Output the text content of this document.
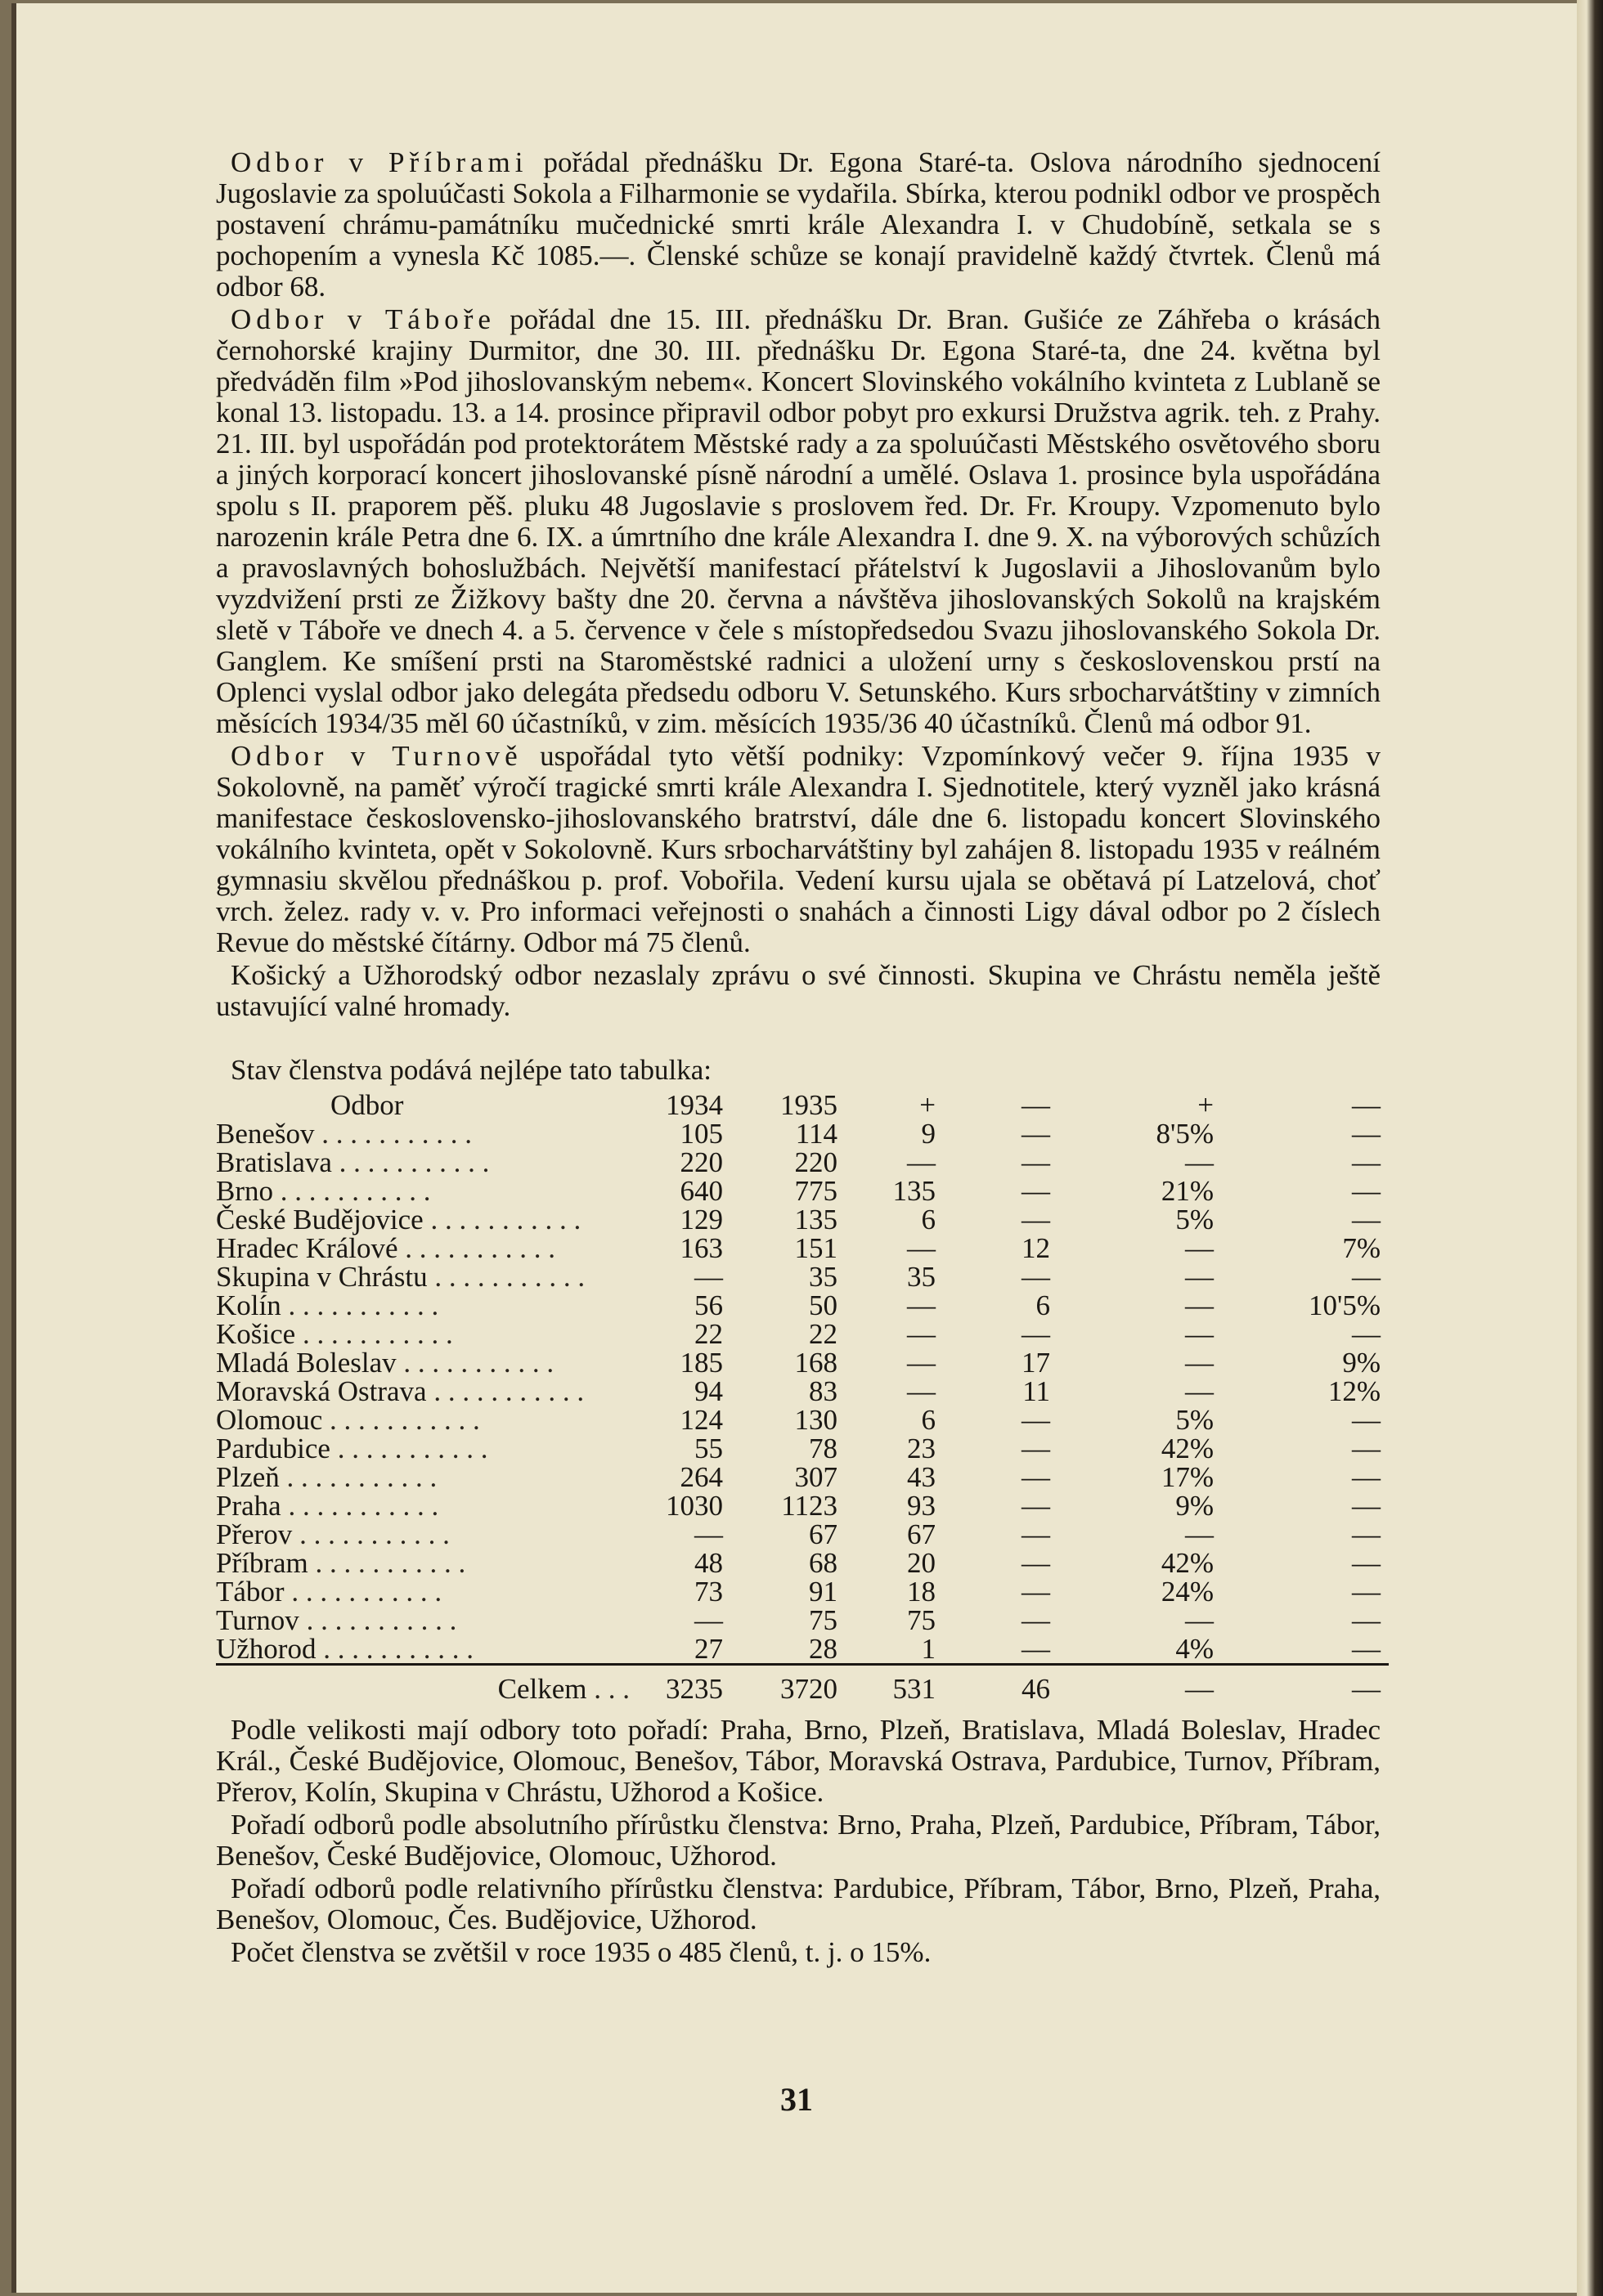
Odbor v Příbrami pořádal přednášku Dr. Egona Staré-ta. Oslova národního sjednocení Jugoslavie za spoluúčasti Sokola a Filharmonie se vydařila. Sbírka, kterou podnikl odbor ve prospěch postavení chrámu-památníku mučednické smrti krále Alexandra I. v Chudobíně, setkala se s pochopením a vynesla Kč 1085.—. Členské schůze se konají pravidelně každý čtvrtek. Členů má odbor 68.

Odbor v Táboře pořádal dne 15. III. přednášku Dr. Bran. Gušiće ze Záhřeba o krásách černohorské krajiny Durmitor, dne 30. III. přednášku Dr. Egona Staré-ta, dne 24. května byl předváděn film »Pod jihoslovanským nebem«. Koncert Slovinského vokálního kvinteta z Lublaně se konal 13. listopadu. 13. a 14. prosince připravil odbor pobyt pro exkursi Družstva agrik. teh. z Prahy. 21. III. byl uspořádán pod protektorátem Městské rady a za spoluúčasti Městského osvětového sboru a jiných korporací koncert jihoslovanské písně národní a umělé. Oslava 1. prosince byla uspořádána spolu s II. praporem pěš. pluku 48 Jugoslavie s proslovem řed. Dr. Fr. Kroupy. Vzpomenuto bylo narozenin krále Petra dne 6. IX. a úmrtního dne krále Alexandra I. dne 9. X. na výborových schůzích a pravoslavných bohoslužbách. Největší manifestací přátelství k Jugoslavii a Jihoslovanům bylo vyzdvižení prsti ze Žižkovy bašty dne 20. června a návštěva jihoslovanských Sokolů na krajském sletě v Táboře ve dnech 4. a 5. července v čele s místopředsedou Svazu jihoslovanského Sokola Dr. Ganglem. Ke smíšení prsti na Staroměstské radnici a uložení urny s československou prstí na Oplenci vyslal odbor jako delegáta předsedu odboru V. Setunského. Kurs srbocharvátštiny v zimních měsících 1934/35 měl 60 účastníků, v zim. měsících 1935/36 40 účastníků. Členů má odbor 91.

Odbor v Turnově uspořádal tyto větší podniky: Vzpomínkový večer 9. října 1935 v Sokolovně, na paměť výročí tragické smrti krále Alexandra I. Sjednotitele, který vyzněl jako krásná manifestace československo-jihoslovanského bratrství, dále dne 6. listopadu koncert Slovinského vokálního kvinteta, opět v Sokolovně. Kurs srbocharvátštiny byl zahájen 8. listopadu 1935 v reálném gymnasiu skvělou přednáškou p. prof. Vobořila. Vedení kursu ujala se obětavá pí Latzelová, choť vrch. želez. rady v. v. Pro informaci veřejnosti o snahách a činnosti Ligy dával odbor po 2 číslech Revue do městské čítárny. Odbor má 75 členů.

Košický a Užhorodský odbor nezaslaly zprávu o své činnosti. Skupina ve Chrástu neměla ještě ustavující valné hromady.

Stav členstva podává nejlépe tato tabulka:
Odbor	1934	1935	+	—	+	—
Benešov . . . . . . . . . . .	105	114	9	—	8'5%	—
Bratislava . . . . . . . . . . .	220	220	—	—	—	—
Brno . . . . . . . . . . .	640	775	135	—	21%	—
České Budějovice . . . . . . . . . . .	129	135	6	—	5%	—
Hradec Králové . . . . . . . . . . .	163	151	—	12	—	7%
Skupina v Chrástu . . . . . . . . . . .	—	35	35	—	—	—
Kolín . . . . . . . . . . .	56	50	—	6	—	10'5%
Košice . . . . . . . . . . .	22	22	—	—	—	—
Mladá Boleslav . . . . . . . . . . .	185	168	—	17	—	9%
Moravská Ostrava . . . . . . . . . . .	94	83	—	11	—	12%
Olomouc . . . . . . . . . . .	124	130	6	—	5%	—
Pardubice . . . . . . . . . . .	55	78	23	—	42%	—
Plzeň . . . . . . . . . . .	264	307	43	—	17%	—
Praha . . . . . . . . . . .	1030	1123	93	—	9%	—
Přerov . . . . . . . . . . .	—	67	67	—	—	—
Příbram . . . . . . . . . . .	48	68	20	—	42%	—
Tábor . . . . . . . . . . .	73	91	18	—	24%	—
Turnov . . . . . . . . . . .	—	75	75	—	—	—
Užhorod . . . . . . . . . . .	27	28	1	—	4%	—

Celkem . . .	3235	3720	531	46	—	—

Podle velikosti mají odbory toto pořadí: Praha, Brno, Plzeň, Bratislava, Mladá Boleslav, Hradec Král., České Budějovice, Olomouc, Benešov, Tábor, Moravská Ostrava, Pardubice, Turnov, Příbram, Přerov, Kolín, Skupina v Chrástu, Užhorod a Košice.

Pořadí odborů podle absolutního přírůstku členstva: Brno, Praha, Plzeň, Pardubice, Příbram, Tábor, Benešov, České Budějovice, Olomouc, Užhorod.

Pořadí odborů podle relativního přírůstku členstva: Pardubice, Příbram, Tábor, Brno, Plzeň, Praha, Benešov, Olomouc, Čes. Budějovice, Užhorod.

Počet členstva se zvětšil v roce 1935 o 485 členů, t. j. o 15%.

31
